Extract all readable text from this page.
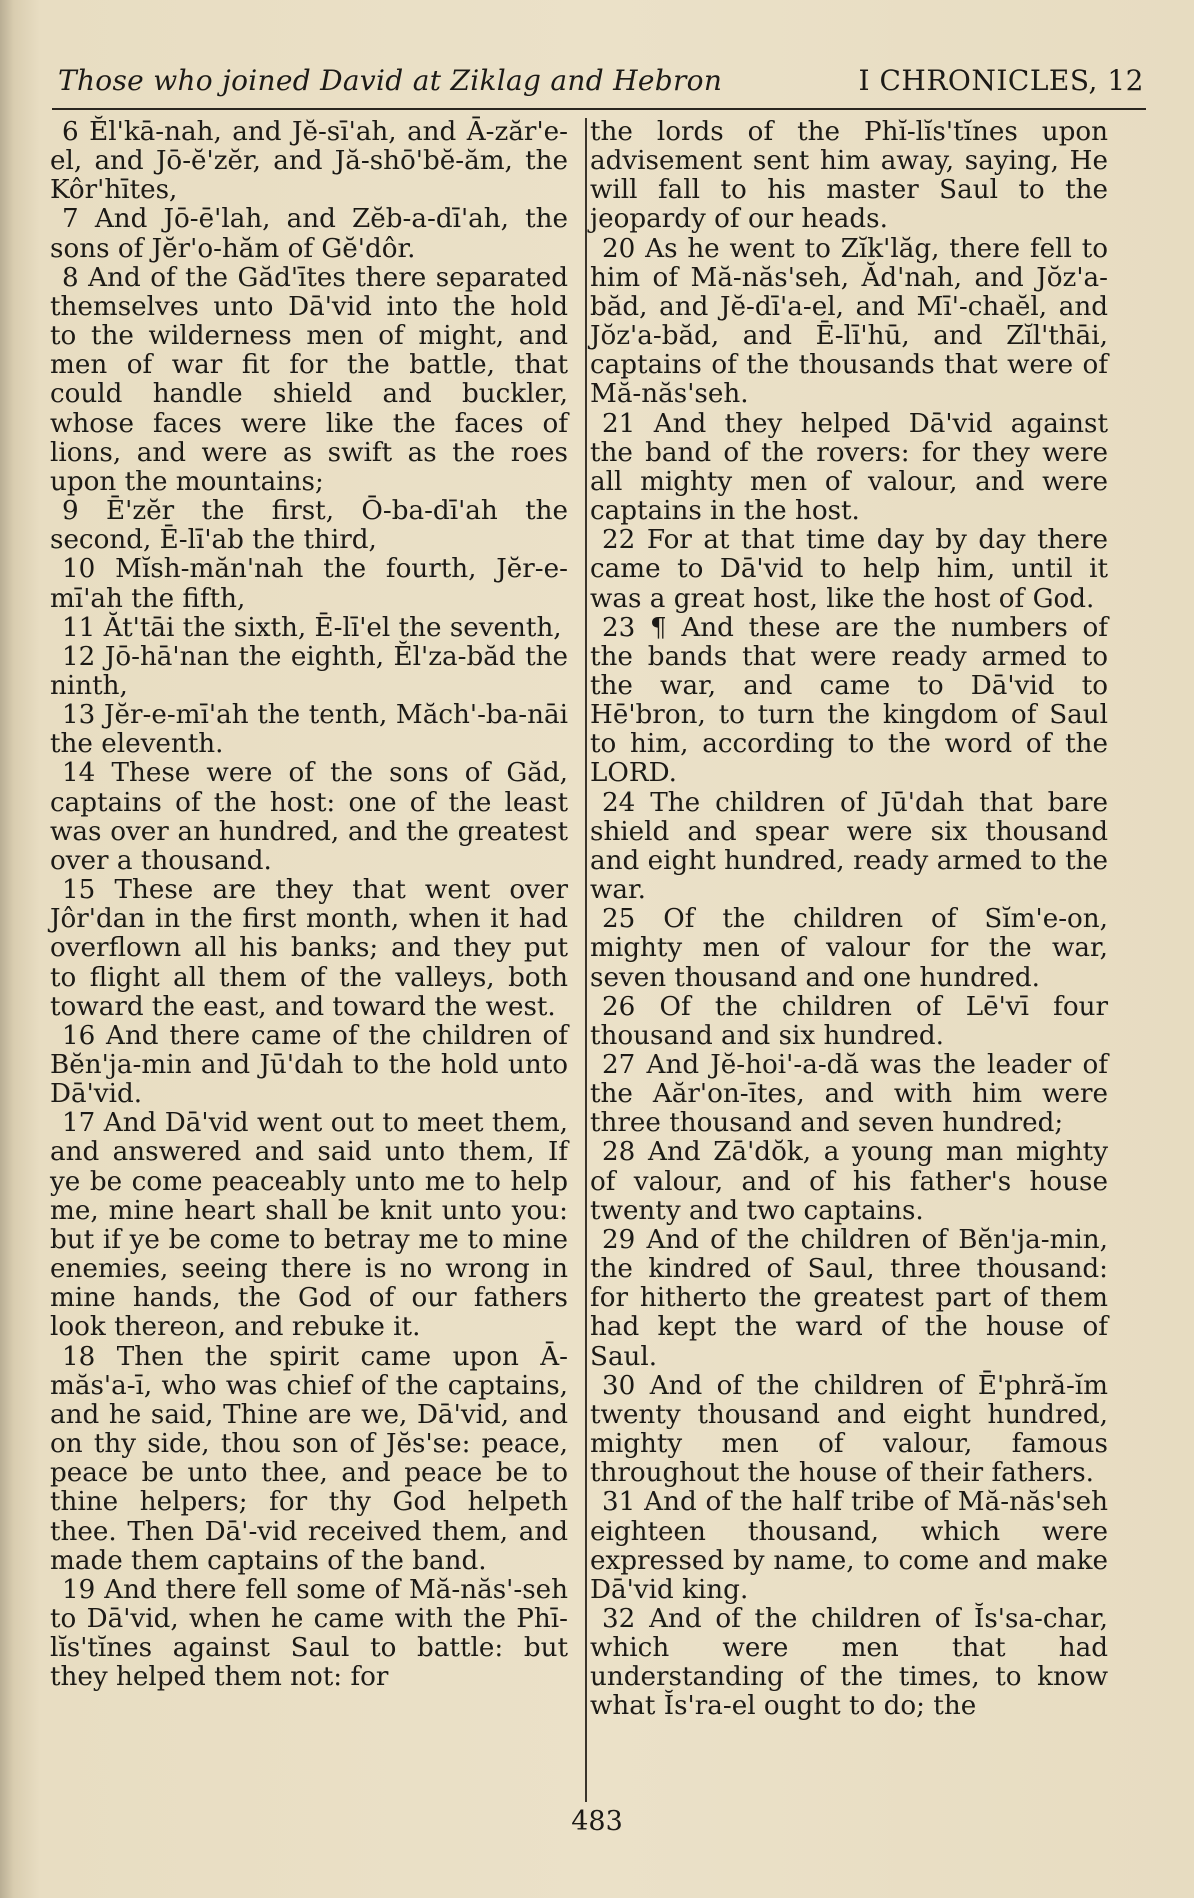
Those who joined David at Ziklag and Hebron	I CHRONICLES, 12

6 Ĕl'kā-nah, and Jĕ-sī'ah, and Ā-zăr'e-el, and Jō-ĕ'zĕr, and Jă-shō'bĕ-ăm, the Kôr'hītes,

7 And Jō-ē'lah, and Zĕb-a-dī'ah, the sons of Jĕr'o-hăm of Gĕ'dôr.

8 And of the Găd'ītes there separated themselves unto Dā'vid into the hold to the wilderness men of might, and men of war fit for the battle, that could handle shield and buckler, whose faces were like the faces of lions, and were as swift as the roes upon the mountains;

9 Ē'zĕr the first, Ō-ba-dī'ah the second, Ē-lī'ab the third,

10 Mĭsh-măn'nah the fourth, Jĕr-e-mī'ah the fifth,

11 Ăt'tāi the sixth, Ē-lī'el the seventh,

12 Jō-hā'nan the eighth, Ĕl'za-băd the ninth,

13 Jĕr-e-mī'ah the tenth, Măch'-ba-nāi the eleventh.

14 These were of the sons of Găd, captains of the host: one of the least was over an hundred, and the greatest over a thousand.

15 These are they that went over Jôr'dan in the first month, when it had overflown all his banks; and they put to flight all them of the valleys, both toward the east, and toward the west.

16 And there came of the children of Bĕn'ja-min and Jū'dah to the hold unto Dā'vid.

17 And Dā'vid went out to meet them, and answered and said unto them, If ye be come peaceably unto me to help me, mine heart shall be knit unto you: but if ye be come to betray me to mine enemies, seeing there is no wrong in mine hands, the God of our fathers look thereon, and rebuke it.

18 Then the spirit came upon Ā-măs'a-ī, who was chief of the captains, and he said, Thine are we, Dā'vid, and on thy side, thou son of Jĕs'se: peace, peace be unto thee, and peace be to thine helpers; for thy God helpeth thee. Then Dā'-vid received them, and made them captains of the band.

19 And there fell some of Mă-năs'-seh to Dā'vid, when he came with the Phī-lĭs'tĭnes against Saul to battle: but they helped them not: for

the lords of the Phĭ-lĭs'tĭnes upon advisement sent him away, saying, He will fall to his master Saul to the jeopardy of our heads.

20 As he went to Zĭk'lăg, there fell to him of Mă-năs'seh, Ăd'nah, and Jŏz'a-băd, and Jĕ-dī'a-el, and Mī'-chaĕl, and Jŏz'a-băd, and Ē-lī'hū, and Zĭl'thāi, captains of the thousands that were of Mă-năs'seh.

21 And they helped Dā'vid against the band of the rovers: for they were all mighty men of valour, and were captains in the host.

22 For at that time day by day there came to Dā'vid to help him, until it was a great host, like the host of God.

23 ¶ And these are the numbers of the bands that were ready armed to the war, and came to Dā'vid to Hē'bron, to turn the kingdom of Saul to him, according to the word of the LORD.

24 The children of Jū'dah that bare shield and spear were six thousand and eight hundred, ready armed to the war.

25 Of the children of Sĭm'e-on, mighty men of valour for the war, seven thousand and one hundred.

26 Of the children of Lē'vī four thousand and six hundred.

27 And Jĕ-hoi'-a-dă was the leader of the Aăr'on-ītes, and with him were three thousand and seven hundred;

28 And Zā'dŏk, a young man mighty of valour, and of his father's house twenty and two captains.

29 And of the children of Bĕn'ja-min, the kindred of Saul, three thousand: for hitherto the greatest part of them had kept the ward of the house of Saul.

30 And of the children of Ē'phră-ĭm twenty thousand and eight hundred, mighty men of valour, famous throughout the house of their fathers.

31 And of the half tribe of Mă-năs'seh eighteen thousand, which were expressed by name, to come and make Dā'vid king.

32 And of the children of Ĭs'sa-char, which were men that had understanding of the times, to know what Ĭs'ra-el ought to do; the

483
